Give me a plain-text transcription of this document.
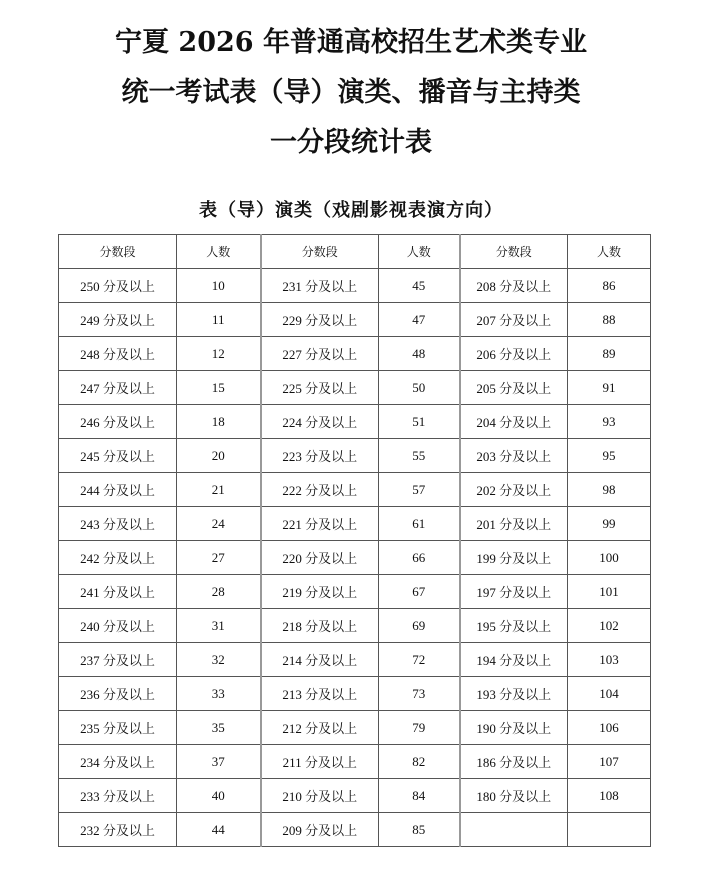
宁夏 2026 年普通高校招生艺术类专业
统一考试表（导）演类、播音与主持类
一分段统计表
表（导）演类（戏剧影视表演方向）
分数段	人数	分数段	人数	分数段	人数
250 分及以上	10	231 分及以上	45	208 分及以上	86
249 分及以上	11	229 分及以上	47	207 分及以上	88
248 分及以上	12	227 分及以上	48	206 分及以上	89
247 分及以上	15	225 分及以上	50	205 分及以上	91
246 分及以上	18	224 分及以上	51	204 分及以上	93
245 分及以上	20	223 分及以上	55	203 分及以上	95
244 分及以上	21	222 分及以上	57	202 分及以上	98
243 分及以上	24	221 分及以上	61	201 分及以上	99
242 分及以上	27	220 分及以上	66	199 分及以上	100
241 分及以上	28	219 分及以上	67	197 分及以上	101
240 分及以上	31	218 分及以上	69	195 分及以上	102
237 分及以上	32	214 分及以上	72	194 分及以上	103
236 分及以上	33	213 分及以上	73	193 分及以上	104
235 分及以上	35	212 分及以上	79	190 分及以上	106
234 分及以上	37	211 分及以上	82	186 分及以上	107
233 分及以上	40	210 分及以上	84	180 分及以上	108
232 分及以上	44	209 分及以上	85		
